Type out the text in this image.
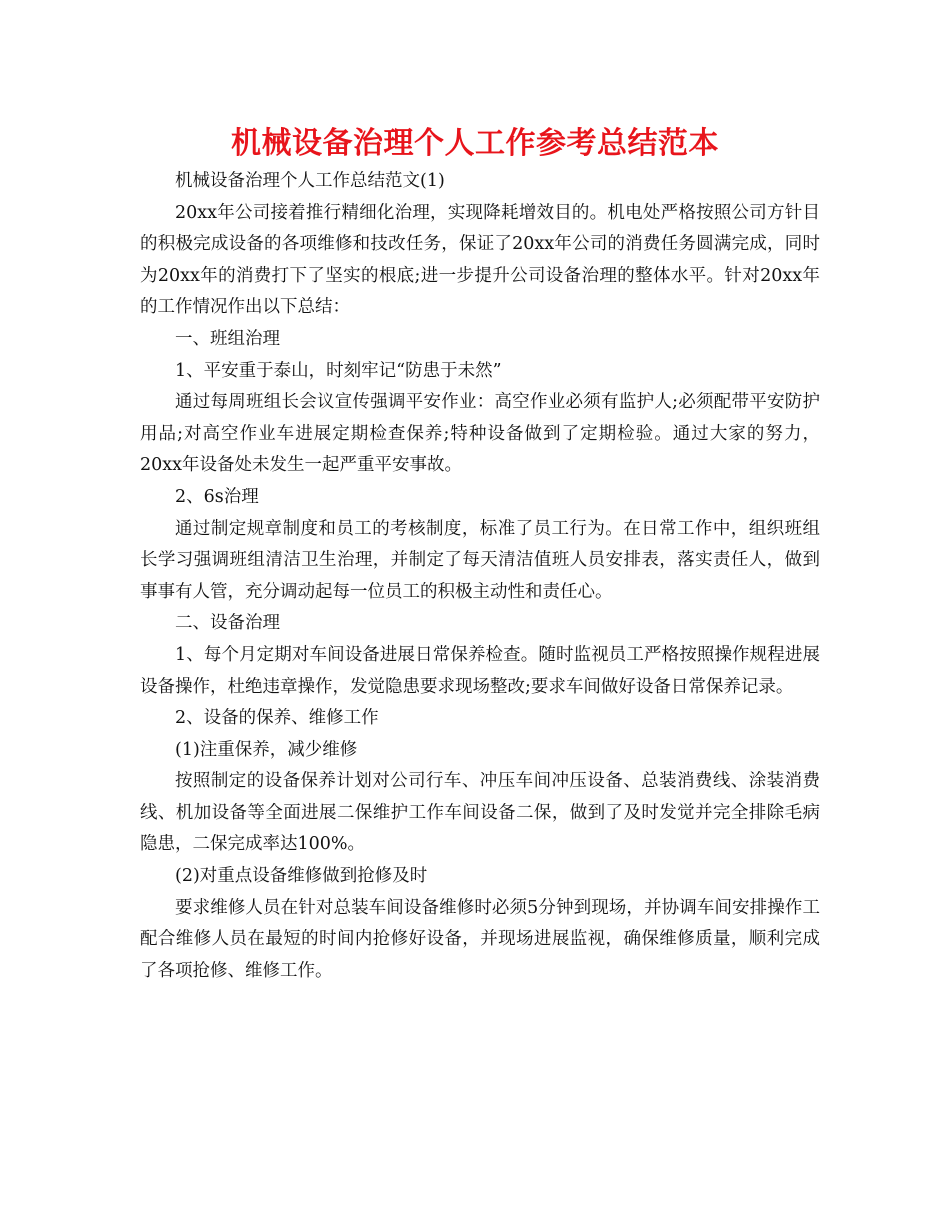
机械设备治理个人工作参考总结范本

机械设备治理个人工作总结范文(1)

20xx年公司接着推行精细化治理，实现降耗增效目的。机电处严格按照公司方针目的积极完成设备的各项维修和技改任务，保证了20xx年公司的消费任务圆满完成，同时为20xx年的消费打下了坚实的根底;进一步提升公司设备治理的整体水平。针对20xx年的工作情况作出以下总结：

一、班组治理

1、平安重于泰山，时刻牢记“防患于未然”

通过每周班组长会议宣传强调平安作业：高空作业必须有监护人;必须配带平安防护用品;对高空作业车进展定期检查保养;特种设备做到了定期检验。通过大家的努力，20xx年设备处未发生一起严重平安事故。

2、6s治理

通过制定规章制度和员工的考核制度，标准了员工行为。在日常工作中，组织班组长学习强调班组清洁卫生治理，并制定了每天清洁值班人员安排表，落实责任人，做到事事有人管，充分调动起每一位员工的积极主动性和责任心。

二、设备治理

1、每个月定期对车间设备进展日常保养检查。随时监视员工严格按照操作规程进展设备操作，杜绝违章操作，发觉隐患要求现场整改;要求车间做好设备日常保养记录。

2、设备的保养、维修工作

(1)注重保养，减少维修

按照制定的设备保养计划对公司行车、冲压车间冲压设备、总装消费线、涂装消费线、机加设备等全面进展二保维护工作车间设备二保，做到了及时发觉并完全排除毛病隐患，二保完成率达100%。

(2)对重点设备维修做到抢修及时

要求维修人员在针对总装车间设备维修时必须5分钟到现场，并协调车间安排操作工配合维修人员在最短的时间内抢修好设备，并现场进展监视，确保维修质量，顺利完成了各项抢修、维修工作。
